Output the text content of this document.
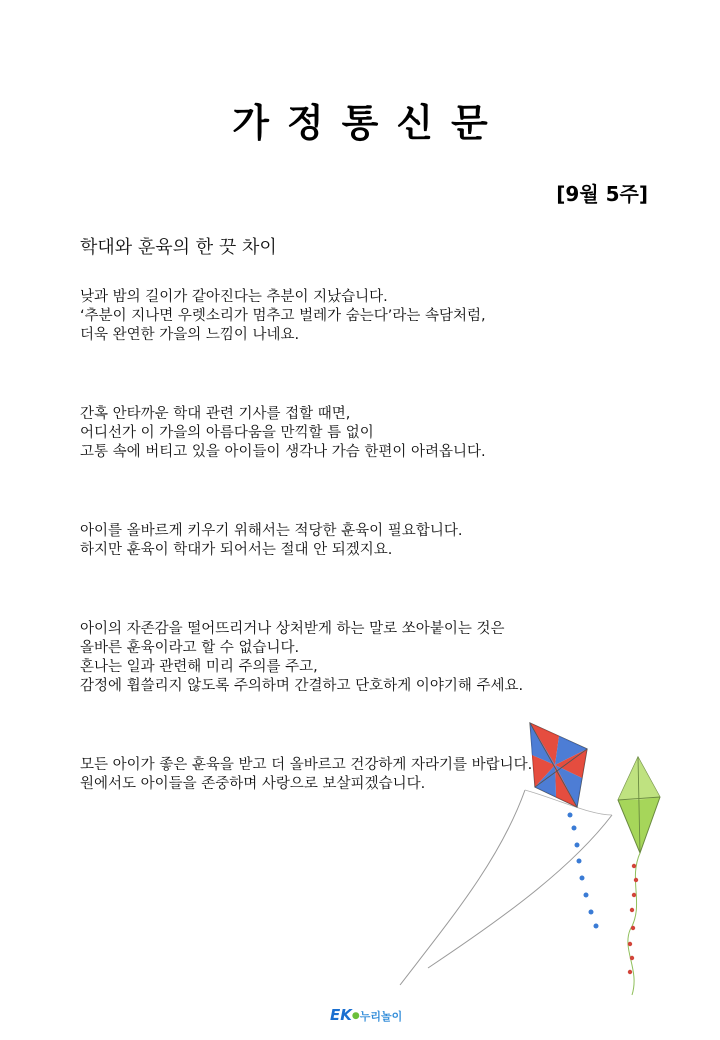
가정통신문
[9월 5주]
학대와 훈육의 한 끗 차이
낮과 밤의 길이가 같아진다는 추분이 지났습니다.
‘추분이 지나면 우렛소리가 멈추고 벌레가 숨는다’라는 속담처럼,
더욱 완연한 가을의 느낌이 나네요.
간혹 안타까운 학대 관련 기사를 접할 때면,
어디선가 이 가을의 아름다움을 만끽할 틈 없이
고통 속에 버티고 있을 아이들이 생각나 가슴 한편이 아려옵니다.
아이를 올바르게 키우기 위해서는 적당한 훈육이 필요합니다.
하지만 훈육이 학대가 되어서는 절대 안 되겠지요.
아이의 자존감을 떨어뜨리거나 상처받게 하는 말로 쏘아붙이는 것은
올바른 훈육이라고 할 수 없습니다.
혼나는 일과 관련해 미리 주의를 주고,
감정에 휩쓸리지 않도록 주의하며 간결하고 단호하게 이야기해 주세요.
모든 아이가 좋은 훈육을 받고 더 올바르고 건강하게 자라기를 바랍니다.
원에서도 아이들을 존중하며 사랑으로 보살피겠습니다.
EK●누리놀이
